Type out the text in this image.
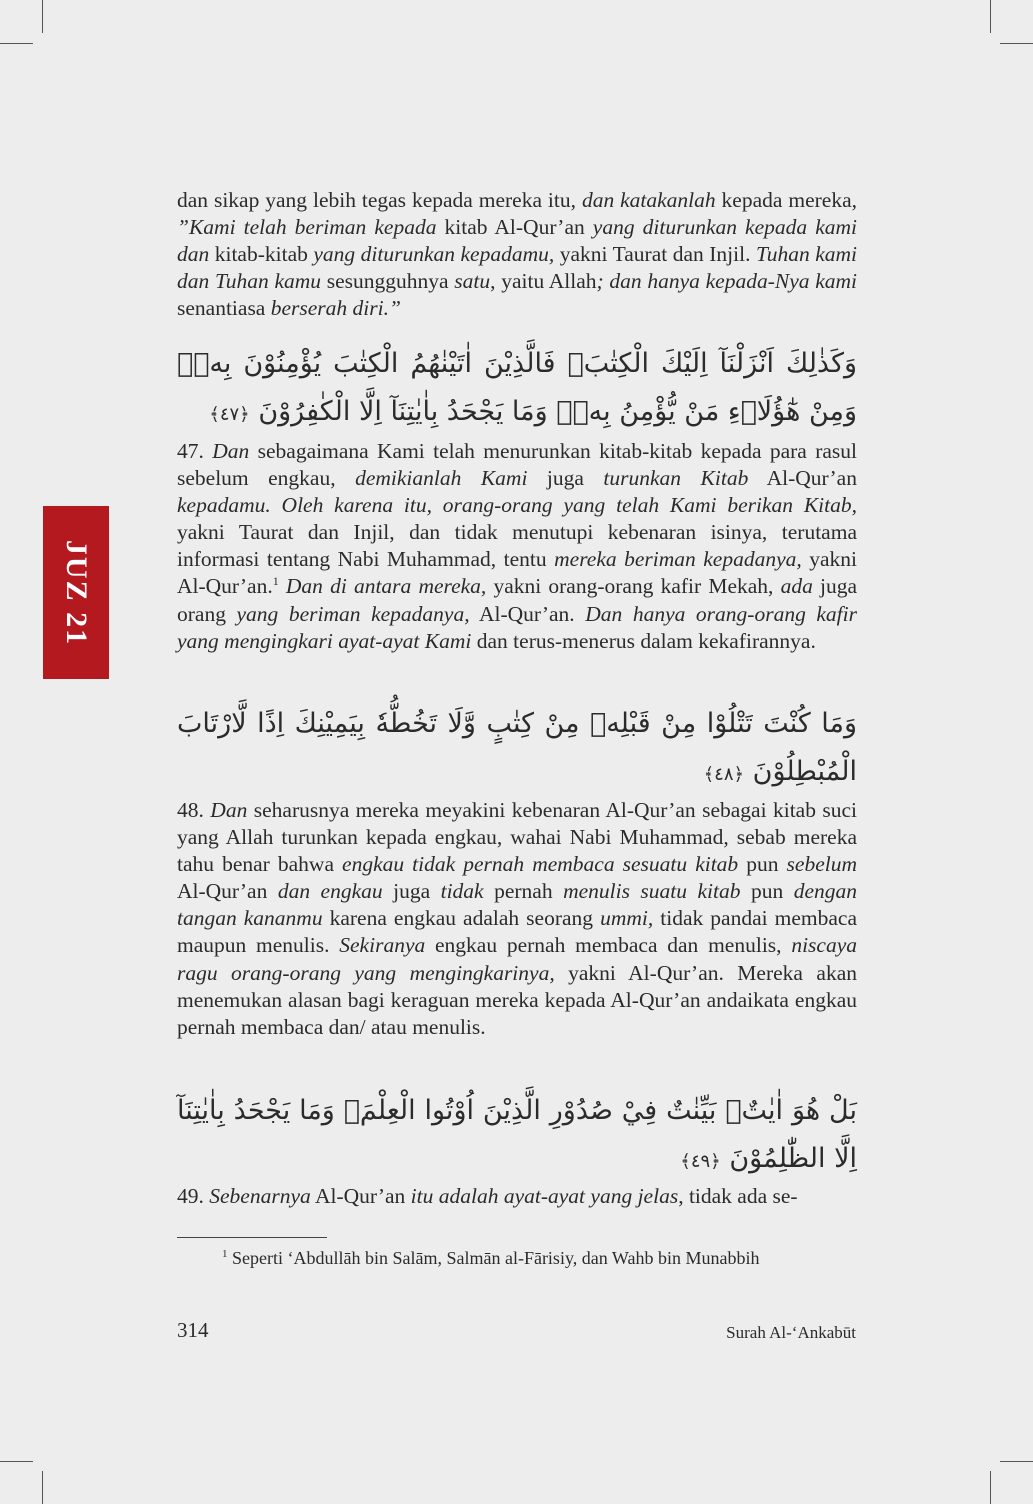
JUZ 21

dan sikap yang lebih tegas kepada mereka itu, dan katakanlah kepada mereka, ”Kami telah beriman kepada kitab Al-Qur’an yang diturunkan kepada kami dan kitab-kitab yang diturunkan kepadamu, yakni Taurat dan Injil. Tuhan kami dan Tuhan kamu sesungguhnya satu, yaitu Allah; dan hanya kepada-Nya kami senantiasa berserah diri.”

وَكَذٰلِكَ اَنْزَلْنَآ اِلَيْكَ الْكِتٰبَۗ فَالَّذِيْنَ اٰتَيْنٰهُمُ الْكِتٰبَ يُؤْمِنُوْنَ بِهٖۚ وَمِنْ هٰٓؤُلَاۤءِ مَنْ يُّؤْمِنُ بِهٖۗ وَمَا يَجْحَدُ بِاٰيٰتِنَآ اِلَّا الْكٰفِرُوْنَ ﴿٤٧﴾

47. Dan sebagaimana Kami telah menurunkan kitab-kitab kepada para rasul sebelum engkau, demikianlah Kami juga turunkan Kitab Al-Qur’an kepadamu. Oleh karena itu, orang-orang yang telah Kami berikan Kitab, yakni Taurat dan Injil, dan tidak menutupi kebenaran isinya, terutama informasi tentang Nabi Muhammad, tentu mereka beriman kepadanya, yakni Al-Qur’an.$^1$ Dan di antara mereka, yakni orang-orang kafir Mekah, ada juga orang yang beriman kepadanya, Al-Qur’an. Dan hanya orang-orang kafir yang mengingkari ayat-ayat Kami dan terus-menerus dalam kekafirannya.

وَمَا كُنْتَ تَتْلُوْا مِنْ قَبْلِهٖ مِنْ كِتٰبٍ وَّلَا تَخُطُّهٗ بِيَمِيْنِكَ اِذًا لَّارْتَابَ الْمُبْطِلُوْنَ ﴿٤٨﴾

48. Dan seharusnya mereka meyakini kebenaran Al-Qur’an sebagai kitab suci yang Allah turunkan kepada engkau, wahai Nabi Muhammad, sebab mereka tahu benar bahwa engkau tidak pernah membaca sesuatu kitab pun sebelum Al-Qur’an dan engkau juga tidak pernah menulis suatu kitab pun dengan tangan kananmu karena engkau adalah seorang ummi, tidak pandai membaca maupun menulis. Sekiranya engkau pernah membaca dan menulis, niscaya ragu orang-orang yang mengingkarinya, yakni Al-Qur’an. Mereka akan menemukan alasan bagi keraguan mereka kepada Al-Qur’an andaikata engkau pernah membaca dan/ atau menulis.

بَلْ هُوَ اٰيٰتٌۢ بَيِّنٰتٌ فِيْ صُدُوْرِ الَّذِيْنَ اُوْتُوا الْعِلْمَۗ وَمَا يَجْحَدُ بِاٰيٰتِنَآ اِلَّا الظّٰلِمُوْنَ ﴿٤٩﴾

49. Sebenarnya Al-Qur’an itu adalah ayat-ayat yang jelas, tidak ada se-

$^1$ Seperti ‘Abdullāh bin Salām, Salmān al-Fārisiy, dan Wahb bin Munabbih

314	Surah Al-‘Ankabūt
